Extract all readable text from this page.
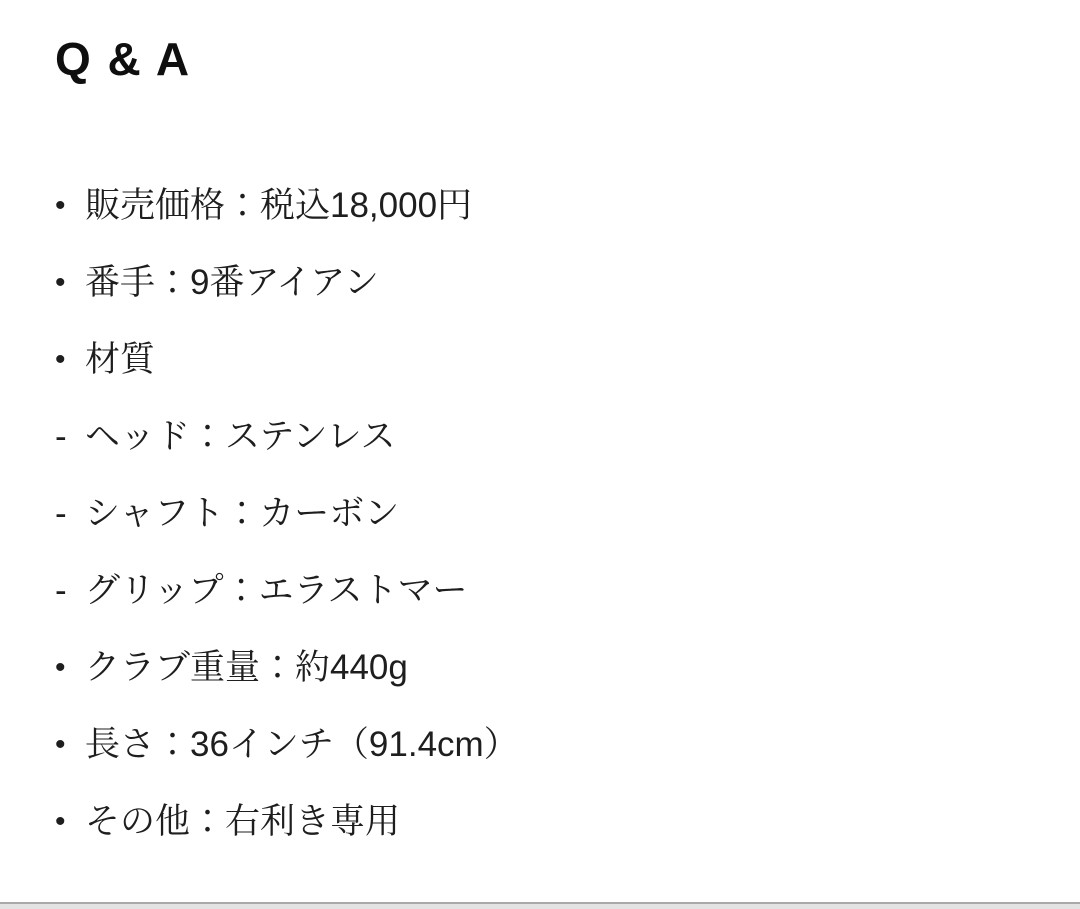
Q & A
• 販売価格：税込18,000円
• 番手：9番アイアン
• 材質
- ヘッド：ステンレス
- シャフト：カーボン
- グリップ：エラストマー
• クラブ重量：約440g
• 長さ：36インチ（91.4cm）
• その他：右利き専用
